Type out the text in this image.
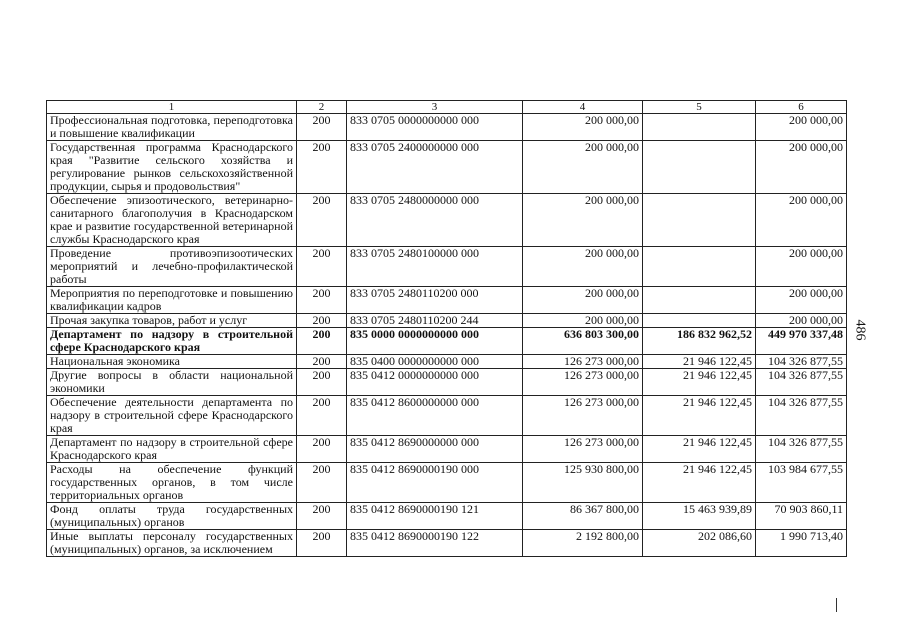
1	2	3	4	5	6
Профессиональная подготовка, переподготовка и повышение квалификации	200	833 0705 0000000000 000	200 000,00		200 000,00
Государственная программа Краснодарского края "Развитие сельского хозяйства и регулирование рынков сельскохозяйственной продукции, сырья и продовольствия"	200	833 0705 2400000000 000	200 000,00		200 000,00
Обеспечение эпизоотического, ветеринарно-санитарного благополучия в Краснодарском крае и развитие государственной ветеринарной службы Краснодарского края	200	833 0705 2480000000 000	200 000,00		200 000,00
Проведение противоэпизоотических мероприятий и лечебно-профилактической работы	200	833 0705 2480100000 000	200 000,00		200 000,00
Мероприятия по переподготовке и повышению квалификации кадров	200	833 0705 2480110200 000	200 000,00		200 000,00
Прочая закупка товаров, работ и услуг	200	833 0705 2480110200 244	200 000,00		200 000,00
Департамент по надзору в строительной сфере Краснодарского края	200	835 0000 0000000000 000	636 803 300,00	186 832 962,52	449 970 337,48
Национальная экономика	200	835 0400 0000000000 000	126 273 000,00	21 946 122,45	104 326 877,55
Другие вопросы в области национальной экономики	200	835 0412 0000000000 000	126 273 000,00	21 946 122,45	104 326 877,55
Обеспечение деятельности департамента по надзору в строительной сфере Краснодарского края	200	835 0412 8600000000 000	126 273 000,00	21 946 122,45	104 326 877,55
Департамент по надзору в строительной сфере Краснодарского края	200	835 0412 8690000000 000	126 273 000,00	21 946 122,45	104 326 877,55
Расходы на обеспечение функций государственных органов, в том числе территориальных органов	200	835 0412 8690000190 000	125 930 800,00	21 946 122,45	103 984 677,55
Фонд оплаты труда государственных (муниципальных) органов	200	835 0412 8690000190 121	86 367 800,00	15 463 939,89	70 903 860,11
Иные выплаты персоналу государственных (муниципальных) органов, за исключением	200	835 0412 8690000190 122	2 192 800,00	202 086,60	1 990 713,40
486
